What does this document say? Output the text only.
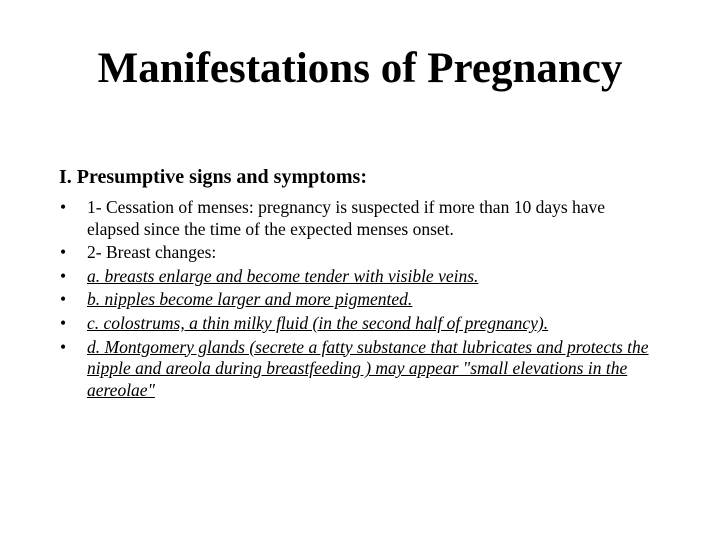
Manifestations of Pregnancy
I. Presumptive signs and symptoms:
• 1- Cessation of menses: pregnancy is suspected if more than 10 days have elapsed since the time of the expected menses onset.
• 2- Breast changes:
• a. breasts enlarge and become tender with visible veins.
• b. nipples become larger and more pigmented.
• c. colostrums, a thin milky fluid (in the second half of pregnancy).
• d. Montgomery glands (secrete a fatty substance that lubricates and protects the nipple and areola during breastfeeding ) may appear "small elevations in the aereolae"
